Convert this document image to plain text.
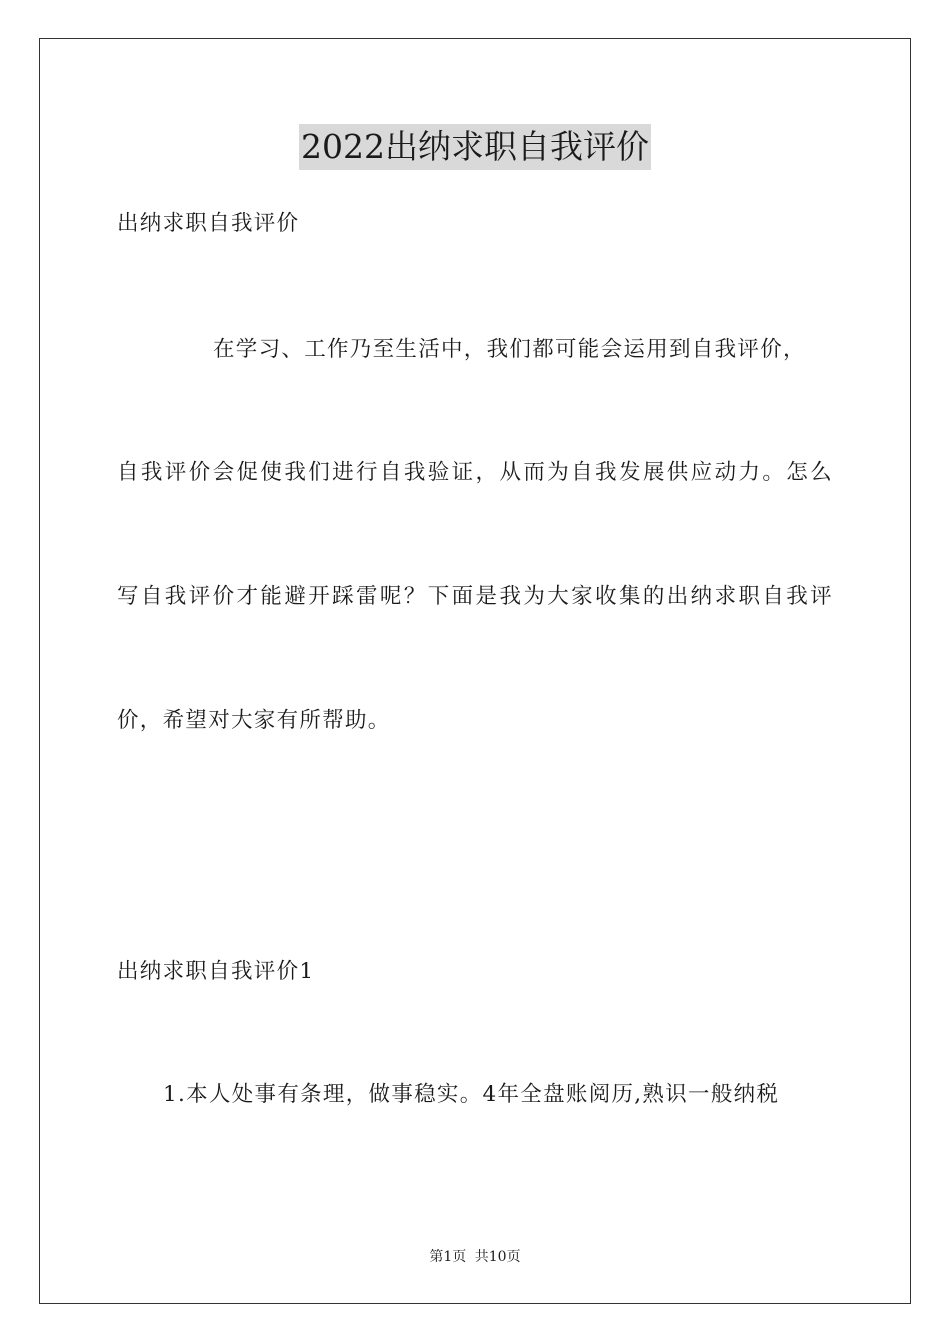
2022出纳求职自我评价
出纳求职自我评价
在学习、工作乃至生活中，我们都可能会运用到自我评价，
自我评价会促使我们进行自我验证，从而为自我发展供应动力。怎么
写自我评价才能避开踩雷呢？下面是我为大家收集的出纳求职自我评
价，希望对大家有所帮助。
出纳求职自我评价1
1.本人处事有条理，做事稳实。4年全盘账阅历,熟识一般纳税
第1页 共10页
